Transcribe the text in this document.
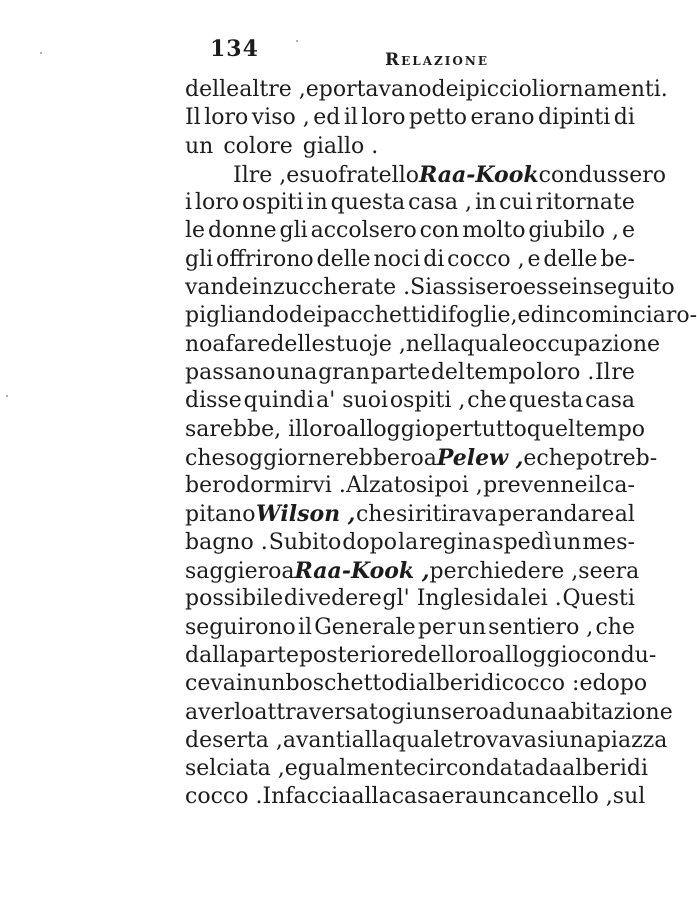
134	Relazione
delle altre , e portavano dei piccioli ornamenti.
Il loro viso , ed il loro petto erano dipinti di
un colore giallo .
Il re , e suo fratello Raa-Kook condussero
i loro ospiti in questa casa , in cui ritornate
le donne gli accolsero con molto giubilo , e
gli offrirono delle noci di cocco , e delle be-
vande inzuccherate . Si assisero esse in seguito
pigliando dei pacchetti di foglie, ed incominciaro-
no a fare delle stuoje , nella quale occupazione
passano una gran parte del tempo loro . Il re
disse quindi a' suoi ospiti , che questa casa
sarebbe, il loro alloggio per tutto quel tempo
che soggiornerebbero a Pelew , e che potreb-
bero dormirvi . Alzatosi poi , prevenne il ca-
pitano Wilson , che si ritirava per andare al
bagno . Subito dopo la regina spedì un mes-
saggiero a Raa-Kook , per chiedere , se era
possibile di vedere gl' Inglesi da lei . Questi
seguirono il Generale per un sentiero , che
dalla parte posteriore del loro alloggio condu-
ceva in un boschetto di alberi di cocco : e dopo
averlo attraversato giunsero ad una abitazione
deserta , avanti alla quale trovavasi una piazza
selciata , egualmente circondata da alberi di
cocco . In faccia alla casa era un cancello , sul
